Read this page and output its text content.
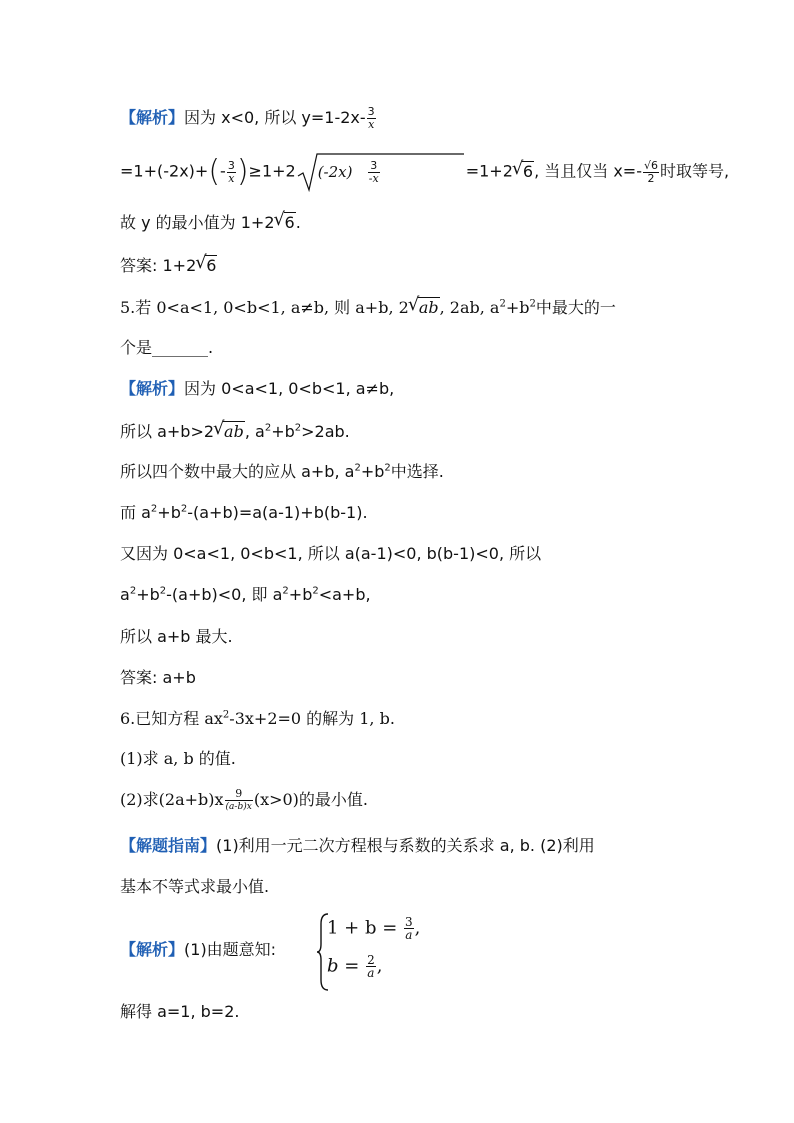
【解析】因为 x<0, 所以 $y=1-2x- \frac{3}{x}$
$=1+(-2x)+(- \frac{3}{x} )\ge 1+2$ $(-2x) \frac{3}{-x}$	=1+2 √ 6, 当且仅当 $x=- \frac{√6}{2}$ 时取等号,
故 y 的最小值为 1+2 √ 6.
答案: 1+2 √ 6
5.若 0<a<1, 0<b<1, a≠b, 则 a+b, 2 √ ab, 2ab, $a^2+b^2$中最大的一
个是_______.
【解析】因为 0<a<1, 0<b<1, a≠b,
所以 a+b>2 √ ab, $a^2+b^2>2ab$.
所以四个数中最大的应从 a+b, $a^2+b^2$中选择.
而 $a^2+b^2-(a+b)=a(a-1)+b(b-1)$.
又因为 0<a<1, 0<b<1, 所以 a(a-1)<0, b(b-1)<0, 所以
$a^2+b^2-(a+b)<0$, 即 $a^2+b^2<a+b$,
所以 a+b 最大.
答案: a+b
6.已知方程 $ax^2-3x+2=0$ 的解为 1, b.
(1)求 a, b 的值.
(2)求$(2a+b)x \frac{9}{(a-b)x} (x>0)$的最小值.
【解题指南】(1)利用一元二次方程根与系数的关系求 a, b. (2)利用
基本不等式求最小值.
【解析】(1)由题意知:
$1 + b = \frac{3}{a}$ ,
$b = \frac{2}{a}$ ,
解得 a=1, b=2.
